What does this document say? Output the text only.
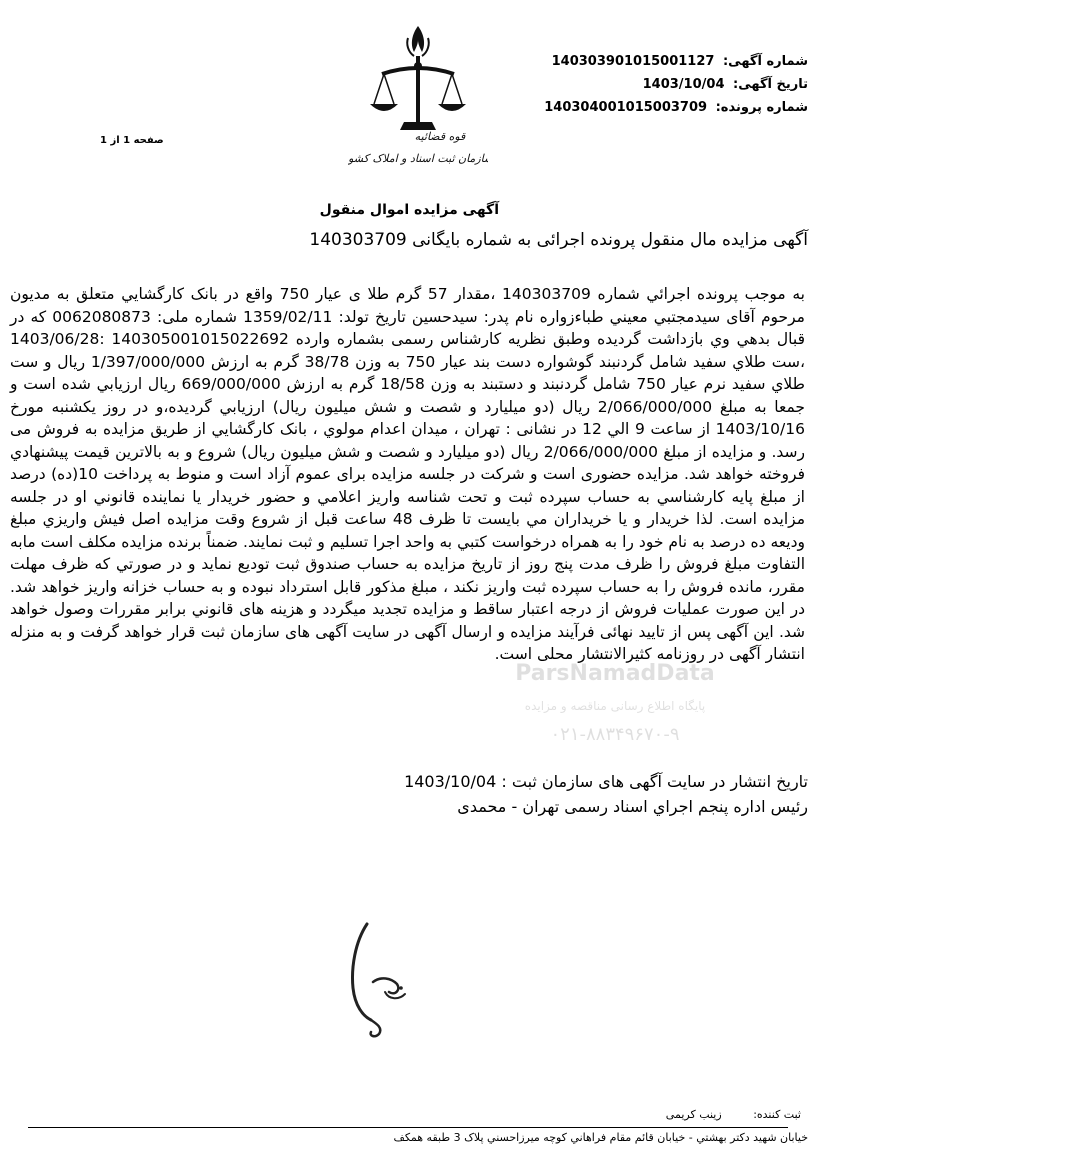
شماره آگهی: 140303901015001127
تاریخ آگهی: 1403/10/04
شماره پرونده: 140304001015003709
قوه قضائیه
سازمان ثبت اسناد و املاک کشور
صفحه 1 از 1
آگهی مزایده اموال منقول
آگهی مزایده مال منقول پرونده اجرائی به شماره بایگانی 140303709
به موجب پرونده اجرائي شماره 140303709 ،مقدار 57 گرم طلا ی عیار 750 واقع در بانک کارگشایي متعلق به مدیون مرحوم آقاى سیدمجتبي معیني طباءزواره نام پدر: سیدحسین تاریخ تولد: 1359/02/11 شماره ملی: 0062080873 که در قبال بدهي وي بازداشت گردیده وطبق نظریه کارشناس رسمی بشماره وارده 140305001015022692 :1403/06/28 ،ست طلاي سفید شامل گردنبند گوشواره دست بند عیار 750 به وزن 38/78 گرم به ارزش 1/397/000/000 ریال و ست طلاي سفید نرم عیار 750 شامل گردنبند و دستبند به وزن 18/58 گرم به ارزش 669/000/000 ریال ارزیابي شده است و جمعا به مبلغ 2/066/000/000 ریال (دو میلیارد و شصت و شش میلیون ریال) ارزیابي گردیده،و در روز یکشنبه مورخ 1403/10/16 از ساعت 9 الي 12 در نشانی : تهران ، میدان اعدام مولوي ، بانک کارگشایي از طریق مزایده به فروش می رسد. و مزایده از مبلغ 2/066/000/000 ریال (دو میلیارد و شصت و شش میلیون ریال) شروع و به بالاترین قیمت پیشنهادي فروخته خواهد شد. مزایده حضوری است و شرکت در جلسه مزایده برای عموم آزاد است و منوط به پرداخت 10(ده) درصد از مبلغ پایه کارشناسي به حساب سپرده ثبت و تحت شناسه واریز اعلامي و حضور خریدار یا نماینده قانوني او در جلسه مزایده است. لذا خریدار و یا خریداران مي بایست تا ظرف 48 ساعت قبل از شروع وقت مزایده اصل فیش واریزي مبلغ ودیعه ده درصد به نام خود را به همراه درخواست کتبي به واحد اجرا تسلیم و ثبت نمایند. ضمناً برنده مزایده مکلف است مابه التفاوت مبلغ فروش را ظرف مدت پنج روز از تاریخ مزایده به حساب صندوق ثبت تودیع نماید و در صورتي که ظرف مهلت مقرر، مانده فروش را به حساب سپرده ثبت واریز نکند ، مبلغ مذکور قابل استرداد نبوده و به حساب خزانه واریز خواهد شد. در این صورت عملیات فروش از درجه اعتبار ساقط و مزایده تجدید میگردد و هزینه های قانوني برابر مقررات وصول خواهد شد. این آگهی پس از تایید نهائی فرآیند مزایده و ارسال آگهی در سایت آگهی های سازمان ثبت قرار خواهد گرفت و به منزله انتشار آگهی در روزنامه کثیرالانتشار محلی است.
ParsNamadData
پایگاه اطلاع رسانی مناقصه و مزایده
۰۲۱-۸۸۳۴۹۶۷۰-۹
تاریخ انتشار در سایت آگهی های سازمان ثبت : 1403/10/04
رئیس اداره پنجم اجراي اسناد رسمی تهران - محمدی
ثبت کننده: زینب کریمی
خیابان شهید دکتر بهشتي - خیابان قائم مقام فراهاني کوچه میرزاحسني پلاک 3 طبقه همکف
